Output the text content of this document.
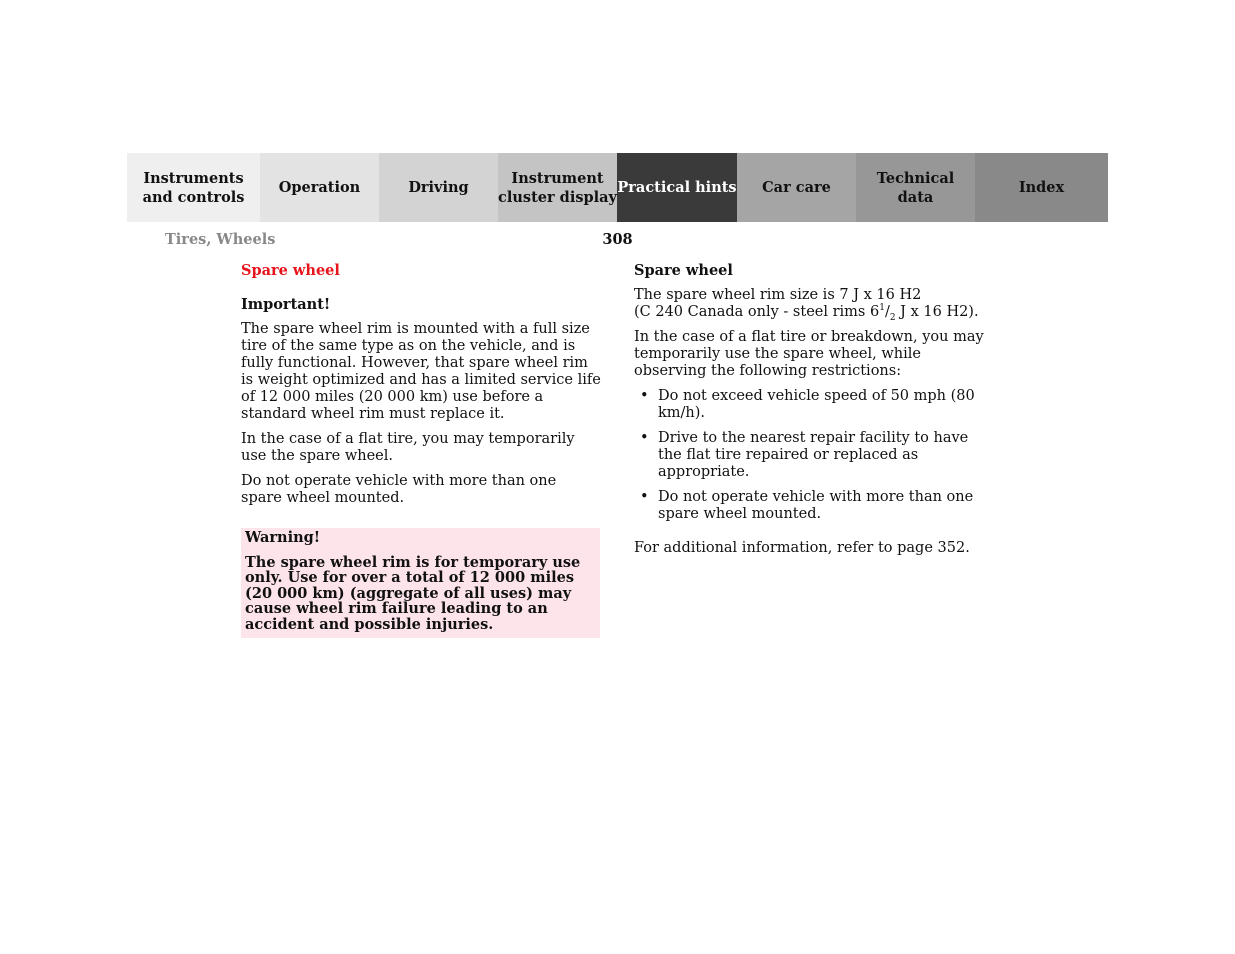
Instruments
and controls
Operation	Driving
Instrument
cluster display
Practical hints Car care
Technical
data
Index
Tires, Wheels	308
Spare wheel
Important!

The spare wheel rim is mounted with a full size tire of the same type as on the vehicle, and is fully functional. However, that spare wheel rim is weight optimized and has a limited service life of 12 000 miles (20 000 km) use before a standard wheel rim must replace it.

In the case of a flat tire, you may temporarily use the spare wheel.

Do not operate vehicle with more than one spare wheel mounted.

Warning!
The spare wheel rim is for temporary use only. Use for over a total of 12 000 miles (20 000 km) (aggregate of all uses) may cause wheel rim failure leading to an accident and possible injuries.
Spare wheel

The spare wheel rim size is 7 J x 16 H2
(C 240 Canada only - steel rims $6^1/_2$ J x 16 H2).

In the case of a flat tire or breakdown, you may temporarily use the spare wheel, while observing the following restrictions:

• Do not exceed vehicle speed of 50 mph (80 km/h).
• Drive to the nearest repair facility to have the flat tire repaired or replaced as appropriate.
• Do not operate vehicle with more than one spare wheel mounted.

For additional information, refer to page 352.
